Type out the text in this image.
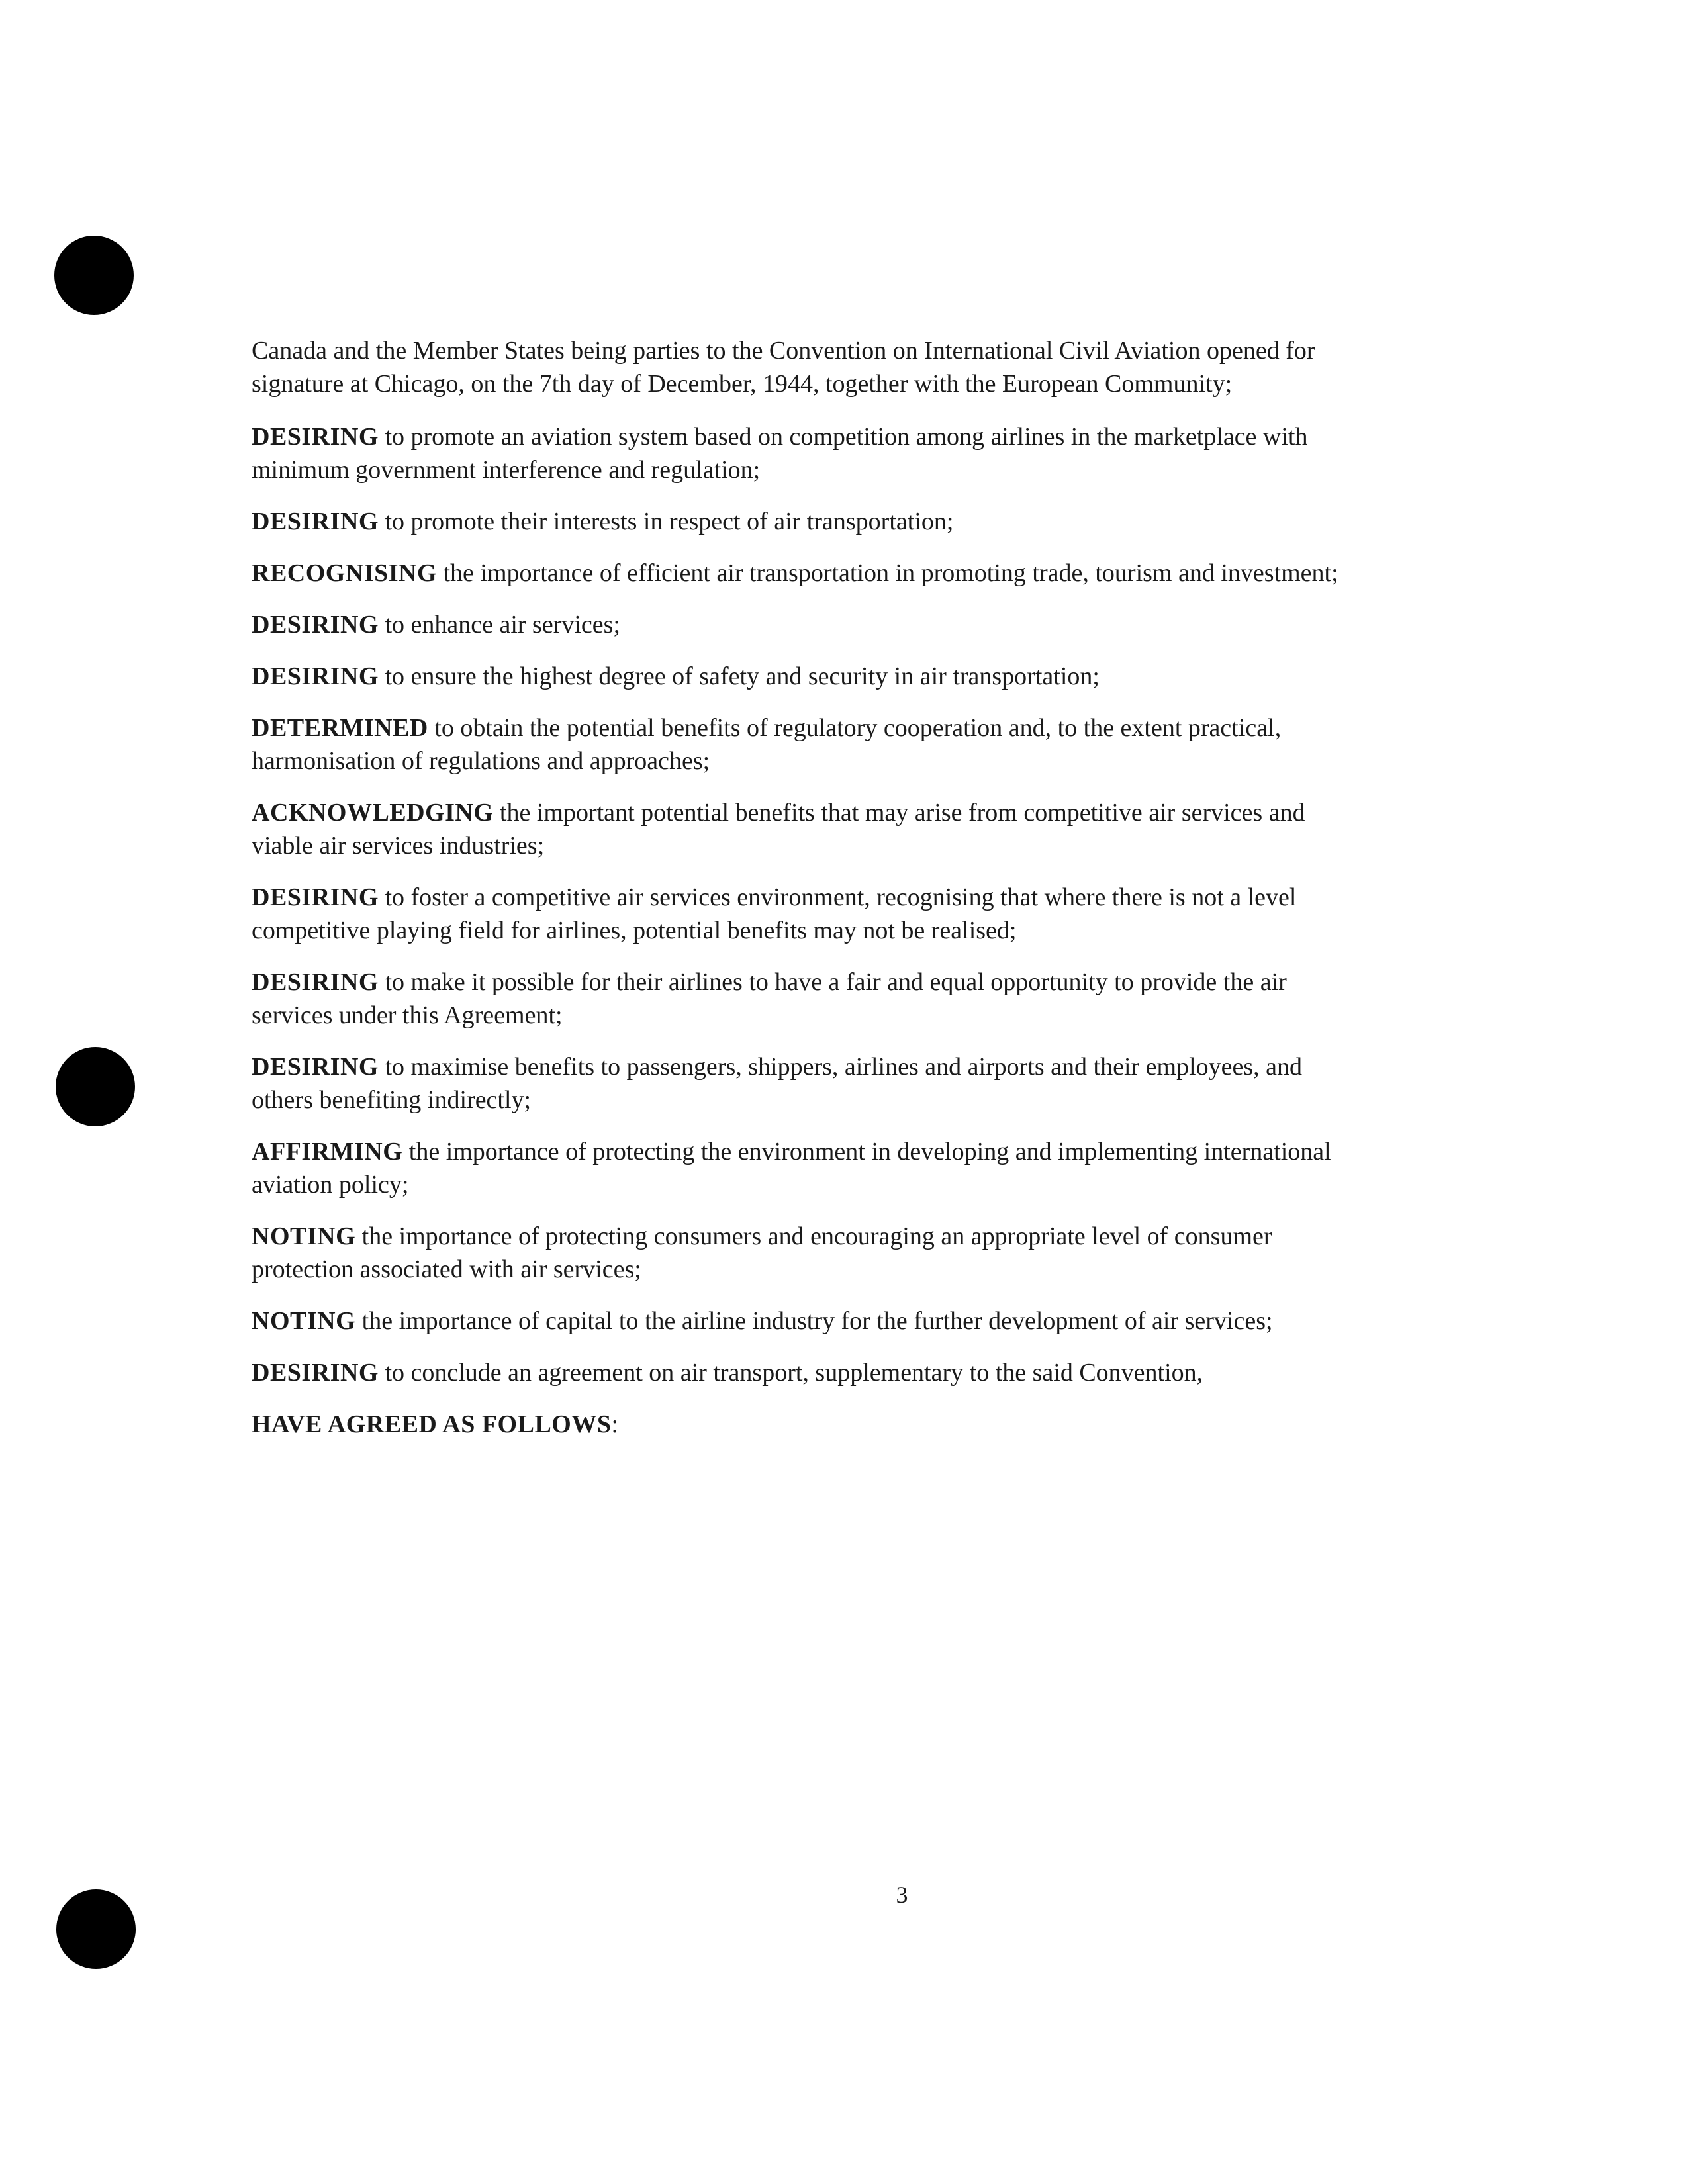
Canada and the Member States being parties to the Convention on International Civil Aviation opened for signature at Chicago, on the 7th day of December, 1944, together with the European Community;

DESIRING to promote an aviation system based on competition among airlines in the marketplace with minimum government interference and regulation;

DESIRING to promote their interests in respect of air transportation;

RECOGNISING the importance of efficient air transportation in promoting trade, tourism and investment;

DESIRING to enhance air services;

DESIRING to ensure the highest degree of safety and security in air transportation;

DETERMINED to obtain the potential benefits of regulatory cooperation and, to the extent practical, harmonisation of regulations and approaches;

ACKNOWLEDGING the important potential benefits that may arise from competitive air services and viable air services industries;

DESIRING to foster a competitive air services environment, recognising that where there is not a level competitive playing field for airlines, potential benefits may not be realised;

DESIRING to make it possible for their airlines to have a fair and equal opportunity to provide the air services under this Agreement;

DESIRING to maximise benefits to passengers, shippers, airlines and airports and their employees, and others benefiting indirectly;

AFFIRMING the importance of protecting the environment in developing and implementing international aviation policy;

NOTING the importance of protecting consumers and encouraging an appropriate level of consumer protection associated with air services;

NOTING the importance of capital to the airline industry for the further development of air services;

DESIRING to conclude an agreement on air transport, supplementary to the said Convention,

HAVE AGREED AS FOLLOWS:

3
